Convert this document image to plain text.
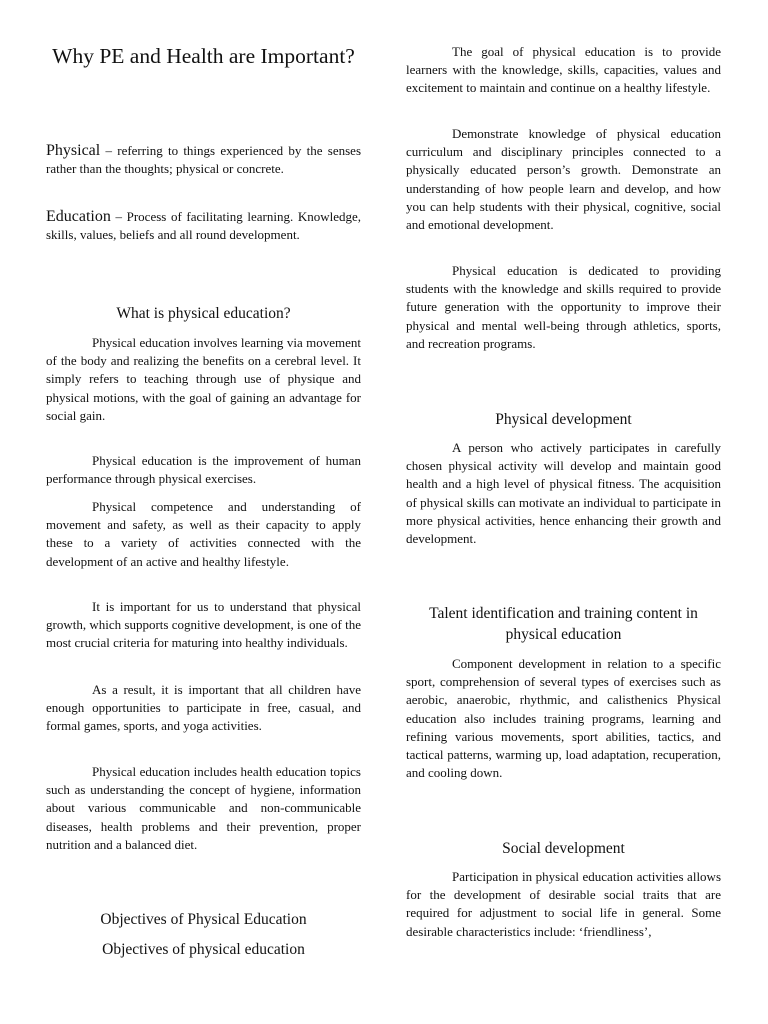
Why PE and Health are Important?

Physical – referring to things experienced by the senses rather than the thoughts; physical or concrete.

Education – Process of facilitating learning. Knowledge, skills, values, beliefs and all round development.

What is physical education?

Physical education involves learning via movement of the body and realizing the benefits on a cerebral level. It simply refers to teaching through use of physique and physical motions, with the goal of gaining an advantage for social gain.

Physical education is the improvement of human performance through physical exercises.

Physical competence and understanding of movement and safety, as well as their capacity to apply these to a variety of activities connected with the development of an active and healthy lifestyle.

It is important for us to understand that physical growth, which supports cognitive development, is one of the most crucial criteria for maturing into healthy individuals.

As a result, it is important that all children have enough opportunities to participate in free, casual, and formal games, sports, and yoga activities.

Physical education includes health education topics such as understanding the concept of hygiene, information about various communicable and non-communicable diseases, health problems and their prevention, proper nutrition and a balanced diet.

Objectives of Physical Education
Objectives of physical education

The goal of physical education is to provide learners with the knowledge, skills, capacities, values and excitement to maintain and continue on a healthy lifestyle.

Demonstrate knowledge of physical education curriculum and disciplinary principles connected to a physically educated person’s growth. Demonstrate an understanding of how people learn and develop, and how you can help students with their physical, cognitive, social and emotional development.

Physical education is dedicated to providing students with the knowledge and skills required to provide future generation with the opportunity to improve their physical and mental well-being through athletics, sports, and recreation programs.

Physical development

A person who actively participates in carefully chosen physical activity will develop and maintain good health and a high level of physical fitness. The acquisition of physical skills can motivate an individual to participate in more physical activities, hence enhancing their growth and development.

Talent identification and training content in physical education

Component development in relation to a specific sport, comprehension of several types of exercises such as aerobic, anaerobic, rhythmic, and calisthenics Physical education also includes training programs, learning and refining various movements, sport abilities, tactics, and tactical patterns, warming up, load adaptation, recuperation, and cooling down.

Social development

Participation in physical education activities allows for the development of desirable social traits that are required for adjustment to social life in general. Some desirable characteristics include: ‘friendliness’,
